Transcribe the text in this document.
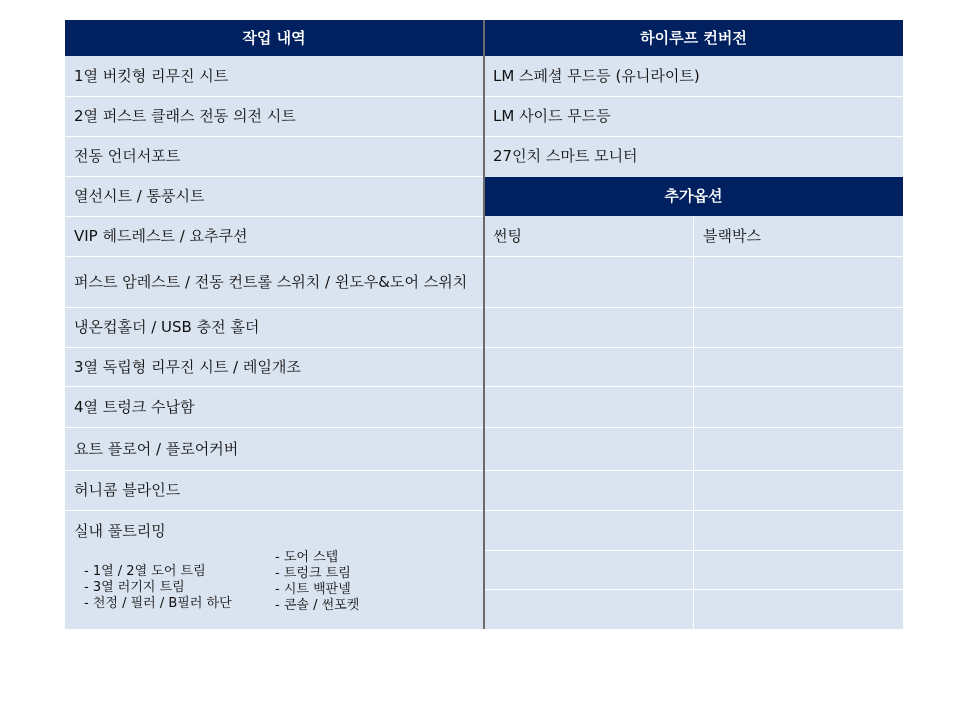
작업 내역	하이루프 컨버전
1열 버킷형 리무진 시트
2열 퍼스트 클래스 전동 의전 시트
전동 언더서포트
열선시트 / 통풍시트
VIP 헤드레스트 / 요추쿠션
퍼스트 암레스트 / 전동 컨트롤 스위치 / 윈도우&도어 스위치
냉온컵홀더 / USB 충전 홀더
3열 독립형 리무진 시트 / 레일개조
4열 트렁크 수납함
요트 플로어 / 플로어커버
허니콤 블라인드
실내 풀트리밍
- 1열 / 2열 도어 트림
- 3열 러기지 트림
- 천정 / 필러 / B필러 하단
- 도어 스텝
- 트렁크 트림
- 시트 백판넬
- 콘솔 / 썬포켓
LM 스페셜 무드등 (유니라이트)
LM 사이드 무드등
27인치 스마트 모니터
추가옵션
썬팅	블랙박스
